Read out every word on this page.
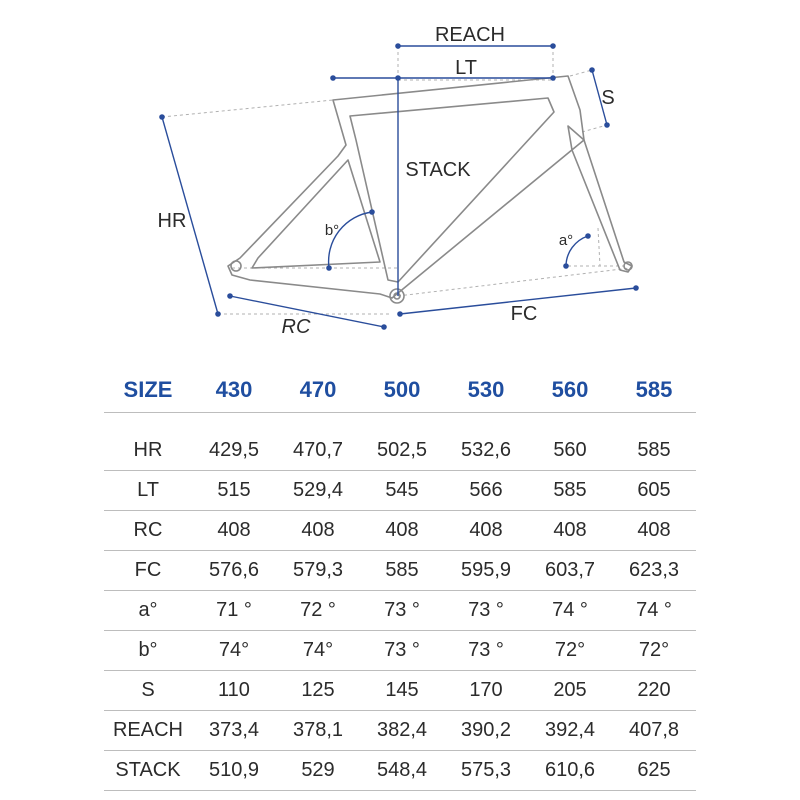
REACH
LT
S
STACK
HR	b°
a°
RC
FC
SIZE	430	470	500	530	560	585

HR	429,5	470,7	502,5	532,6	560	585
LT	515	529,4	545	566	585	605
RC	408	408	408	408	408	408
FC	576,6	579,3	585	595,9	603,7	623,3
a°	71 °	72 °	73 °	73 °	74 °	74 °
b°	74°	74°	73 °	73 °	72°	72°
S	110	125	145	170	205	220
REACH	373,4	378,1	382,4	390,2	392,4	407,8
STACK	510,9	529	548,4	575,3	610,6	625
